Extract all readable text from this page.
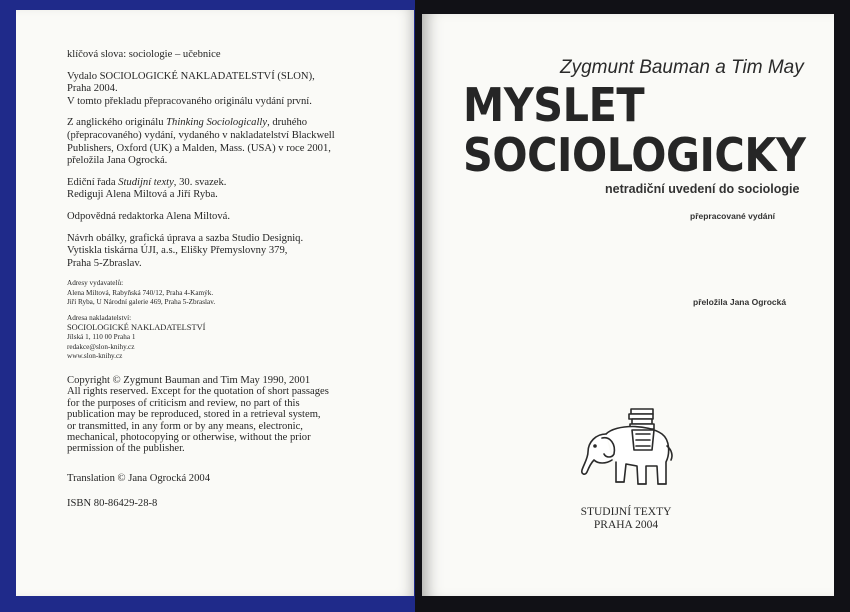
klíčová slova: sociologie – učebnice

Vydalo SOCIOLOGICKÉ NAKLADATELSTVÍ (SLON),
Praha 2004.
V tomto překladu přepracovaného originálu vydání první.

Z anglického originálu Thinking Sociologically, druhého
(přepracovaného) vydání, vydaného v nakladatelství Blackwell
Publishers, Oxford (UK) a Malden, Mass. (USA) v roce 2001,
přeložila Jana Ogrocká.

Ediční řada Studijní texty, 30. svazek.
Rediguji Alena Miltová a Jiří Ryba.

Odpovědná redaktorka Alena Miltová.

Návrh obálky, grafická úprava a sazba Studio Designiq.
Vytiskla tiskárna ÚJI, a.s., Elišky Přemyslovny 379,
Praha 5-Zbraslav.

Adresy vydavatelů:
Alena Miltová, Rabyňská 740/12, Praha 4-Kamýk.
Jiří Ryba, U Národní galerie 469, Praha 5-Zbraslav.

Adresa nakladatelství:
SOCIOLOGICKÉ NAKLADATELSTVÍ
Jílská 1, 110 00 Praha 1
redakce@slon-knihy.cz
www.slon-knihy.cz

Copyright © Zygmunt Bauman and Tim May 1990, 2001
All rights reserved. Except for the quotation of short passages
for the purposes of criticism and review, no part of this
publication may be reproduced, stored in a retrieval system,
or transmitted, in any form or by any means, electronic,
mechanical, photocopying or otherwise, without the prior
permission of the publisher.

Translation © Jana Ogrocká 2004

ISBN 80-86429-28-8

Zygmunt Bauman a Tim May
MYSLET
SOCIOLOGICKY
netradiční uvedení do sociologie
přepracované vydání
přeložila Jana Ogrocká
STUDIJNÍ TEXTY
PRAHA 2004
